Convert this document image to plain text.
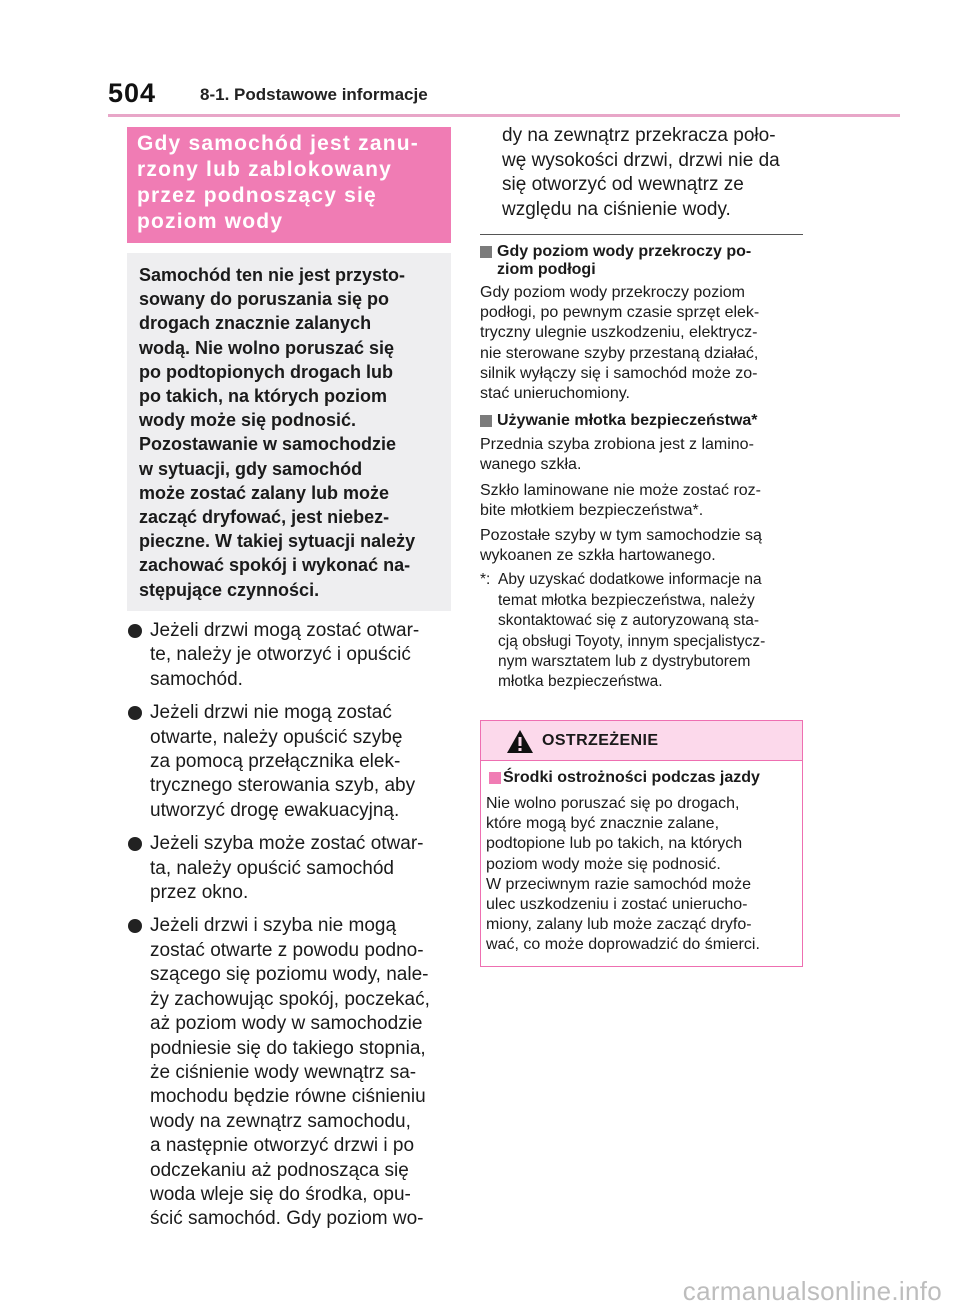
504	8-1. Podstawowe informacje

Gdy samochód jest zanu-
rzony lub zablokowany
przez podnoszący się
poziom wody

Samochód ten nie jest przysto-
sowany do poruszania się po
drogach znacznie zalanych
wodą. Nie wolno poruszać się
po podtopionych drogach lub
po takich, na których poziom
wody może się podnosić.
Pozostawanie w samochodzie
w sytuacji, gdy samochód
może zostać zalany lub może
zacząć dryfować, jest niebez-
pieczne. W takiej sytuacji należy
zachować spokój i wykonać na-
stępujące czynności.

Jeżeli drzwi mogą zostać otwar-
te, należy je otworzyć i opuścić
samochód.
Jeżeli drzwi nie mogą zostać
otwarte, należy opuścić szybę
za pomocą przełącznika elek-
trycznego sterowania szyb, aby
utworzyć drogę ewakuacyjną.
Jeżeli szyba może zostać otwar-
ta, należy opuścić samochód
przez okno.
Jeżeli drzwi i szyba nie mogą
zostać otwarte z powodu podno-
szącego się poziomu wody, nale-
ży zachowując spokój, poczekać,
aż poziom wody w samochodzie
podniesie się do takiego stopnia,
że ciśnienie wody wewnątrz sa-
mochodu będzie równe ciśnieniu
wody na zewnątrz samochodu,
a następnie otworzyć drzwi i po
odczekaniu aż podnosząca się
woda wleje się do środka, opu-
ścić samochód. Gdy poziom wo-

dy na zewnątrz przekracza poło-
wę wysokości drzwi, drzwi nie da
się otworzyć od wewnątrz ze
względu na ciśnienie wody.

Gdy poziom wody przekroczy po-
ziom podłogi

Gdy poziom wody przekroczy poziom
podłogi, po pewnym czasie sprzęt elek-
tryczny ulegnie uszkodzeniu, elektrycz-
nie sterowane szyby przestaną działać,
silnik wyłączy się i samochód może zo-
stać unieruchomiony.

Używanie młotka bezpieczeństwa*

Przednia szyba zrobiona jest z lamino-
wanego szkła.

Szkło laminowane nie może zostać roz-
bite młotkiem bezpieczeństwa*.

Pozostałe szyby w tym samochodzie są
wykoanen ze szkła hartowanego.

*: Aby uzyskać dodatkowe informacje na
temat młotka bezpieczeństwa, należy
skontaktować się z autoryzowaną sta-
cją obsługi Toyoty, innym specjalistycz-
nym warsztatem lub z dystrybutorem
młotka bezpieczeństwa.

OSTRZEŻENIE

Środki ostrożności podczas jazdy

Nie wolno poruszać się po drogach,
które mogą być znacznie zalane,
podtopione lub po takich, na których
poziom wody może się podnosić.
W przeciwnym razie samochód może
ulec uszkodzeniu i zostać unierucho-
miony, zalany lub może zacząć dryfo-
wać, co może doprowadzić do śmierci.

carmanualsonline.info
